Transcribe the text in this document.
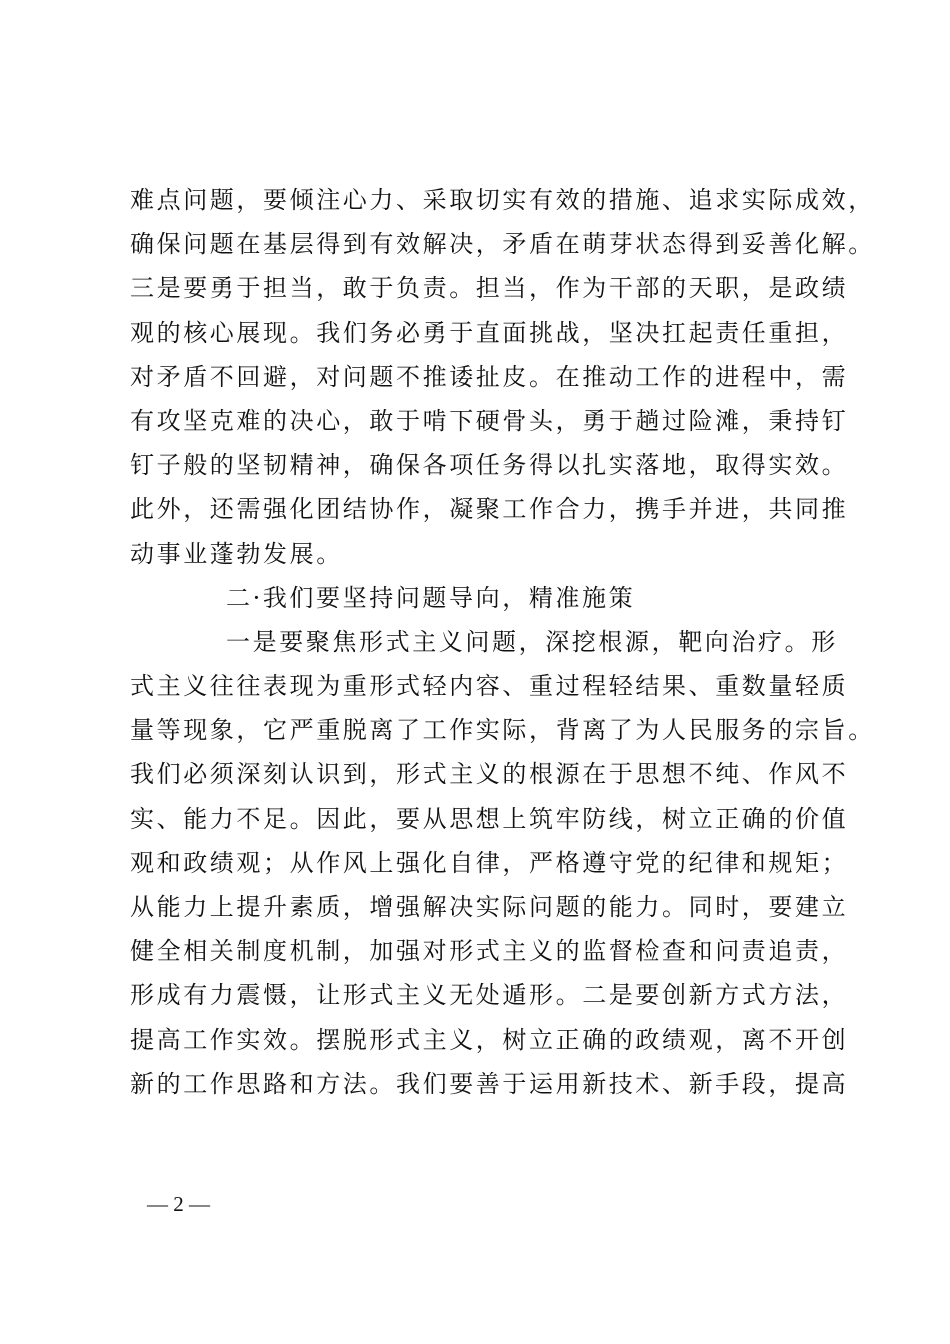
难点问题，要倾注心力、采取切实有效的措施、追求实际成效，
确保问题在基层得到有效解决，矛盾在萌芽状态得到妥善化解。
三是要勇于担当，敢于负责。担当，作为干部的天职，是政绩
观的核心展现。我们务必勇于直面挑战，坚决扛起责任重担，
对矛盾不回避，对问题不推诿扯皮。在推动工作的进程中，需
有攻坚克难的决心，敢于啃下硬骨头，勇于趟过险滩，秉持钉
钉子般的坚韧精神，确保各项任务得以扎实落地，取得实效。
此外，还需强化团结协作，凝聚工作合力，携手并进，共同推
动事业蓬勃发展。
二·我们要坚持问题导向，精准施策
一是要聚焦形式主义问题，深挖根源，靶向治疗。形
式主义往往表现为重形式轻内容、重过程轻结果、重数量轻质
量等现象，它严重脱离了工作实际，背离了为人民服务的宗旨。
我们必须深刻认识到，形式主义的根源在于思想不纯、作风不
实、能力不足。因此，要从思想上筑牢防线，树立正确的价值
观和政绩观；从作风上强化自律，严格遵守党的纪律和规矩；
从能力上提升素质，增强解决实际问题的能力。同时，要建立
健全相关制度机制，加强对形式主义的监督检查和问责追责，
形成有力震慑，让形式主义无处遁形。二是要创新方式方法，
提高工作实效。摆脱形式主义，树立正确的政绩观，离不开创
新的工作思路和方法。我们要善于运用新技术、新手段，提高
— 2 —
